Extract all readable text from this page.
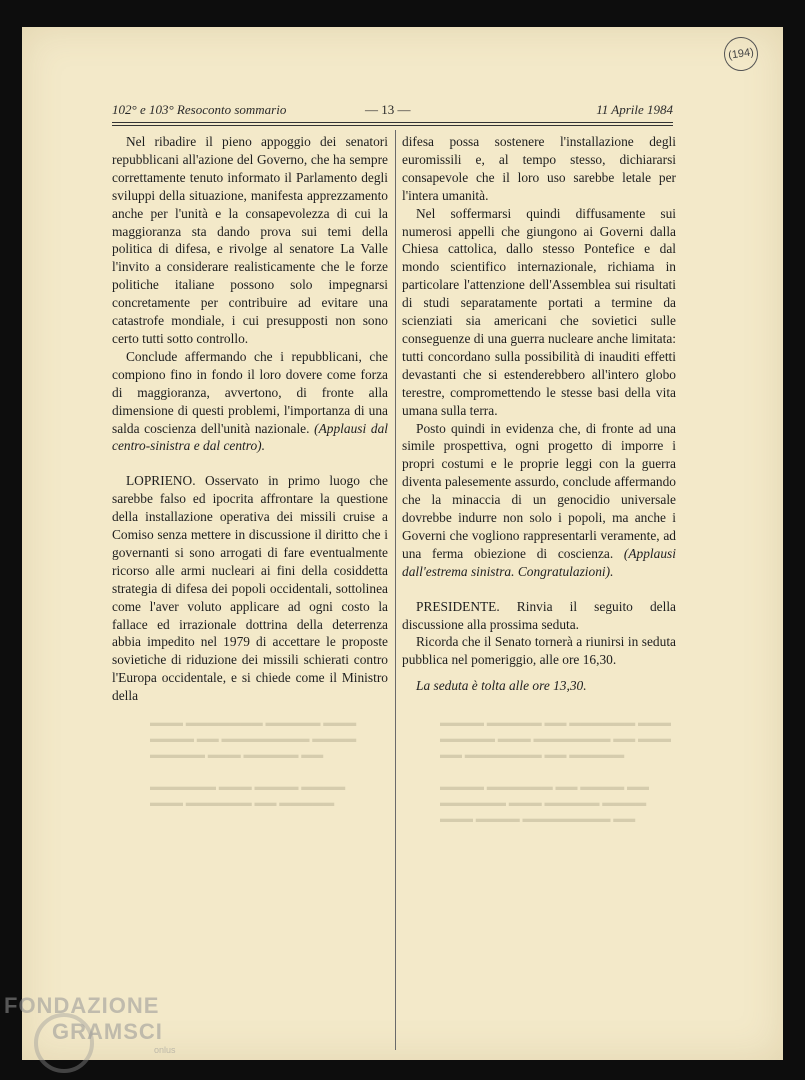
(194)
102° e 103° Resoconto sommario	— 13 —	11 Aprile 1984
▬▬▬▬ ▬▬▬▬▬ ▬▬ ▬▬▬▬▬▬ ▬▬▬
▬▬▬▬▬ ▬▬▬ ▬▬▬▬▬▬▬ ▬▬ ▬▬▬
▬▬ ▬▬▬▬▬▬▬ ▬▬ ▬▬▬▬▬

▬▬▬▬ ▬▬▬▬▬▬ ▬▬ ▬▬▬▬ ▬▬
▬▬▬▬▬▬ ▬▬▬ ▬▬▬▬▬ ▬▬▬▬
▬▬▬ ▬▬▬▬ ▬▬▬▬▬▬▬▬ ▬▬
▬▬▬ ▬▬▬▬▬▬▬ ▬▬▬▬▬ ▬▬▬
▬▬▬▬ ▬▬ ▬▬▬▬▬▬▬▬ ▬▬▬▬
▬▬▬▬▬ ▬▬▬ ▬▬▬▬▬ ▬▬

▬▬▬▬▬▬ ▬▬▬ ▬▬▬▬ ▬▬▬▬
▬▬▬ ▬▬▬▬▬▬ ▬▬ ▬▬▬▬▬

Nel ribadire il pieno appoggio dei senatori repubblicani all'azione del Governo, che ha sempre correttamente tenuto informato il Parlamento degli sviluppi della situazione, manifesta apprezzamento anche per l'unità e la consapevolezza di cui la maggioranza sta dando prova sui temi della politica di difesa, e rivolge al senatore La Valle l'invito a considerare realisticamente che le forze politiche italiane possono solo impegnarsi concretamente per contribuire ad evitare una catastrofe mondiale, i cui presupposti non sono certo tutti sotto controllo.

Conclude affermando che i repubblicani, che compiono fino in fondo il loro dovere come forza di maggioranza, avvertono, di fronte alla dimensione di questi problemi, l'importanza di una salda coscienza dell'unità nazionale. (Applausi dal centro-sinistra e dal centro).

LOPRIENO. Osservato in primo luogo che sarebbe falso ed ipocrita affrontare la questione della installazione operativa dei missili cruise a Comiso senza mettere in discussione il diritto che i governanti si sono arrogati di fare eventualmente ricorso alle armi nucleari ai fini della cosiddetta strategia di difesa dei popoli occidentali, sottolinea come l'aver voluto applicare ad ogni costo la fallace ed irrazionale dottrina della deterrenza abbia impedito nel 1979 di accettare le proposte sovietiche di riduzione dei missili schierati contro l'Europa occidentale, e si chiede come il Ministro della

difesa possa sostenere l'installazione degli euromissili e, al tempo stesso, dichiararsi consapevole che il loro uso sarebbe letale per l'intera umanità.

Nel soffermarsi quindi diffusamente sui numerosi appelli che giungono ai Governi dalla Chiesa cattolica, dallo stesso Pontefice e dal mondo scientifico internazionale, richiama in particolare l'attenzione dell'Assemblea sui risultati di studi separatamente portati a termine da scienziati sia americani che sovietici sulle conseguenze di una guerra nucleare anche limitata: tutti concordano sulla possibilità di inauditi effetti devastanti che si estenderebbero all'intero globo terestre, compromettendo le stesse basi della vita umana sulla terra.

Posto quindi in evidenza che, di fronte ad una simile prospettiva, ogni progetto di imporre i propri costumi e le proprie leggi con la guerra diventa palesemente assurdo, conclude affermando che la minaccia di un genocidio universale dovrebbe indurre non solo i popoli, ma anche i Governi che vogliono rappresentarli veramente, ad una ferma obiezione di coscienza. (Applausi dall'estrema sinistra. Congratulazioni).

PRESIDENTE. Rinvia il seguito della discussione alla prossima seduta.

Ricorda che il Senato tornerà a riunirsi in seduta pubblica nel pomeriggio, alle ore 16,30.

La seduta è tolta alle ore 13,30.

FONDAZIONE
GRAMSCI
onlus
